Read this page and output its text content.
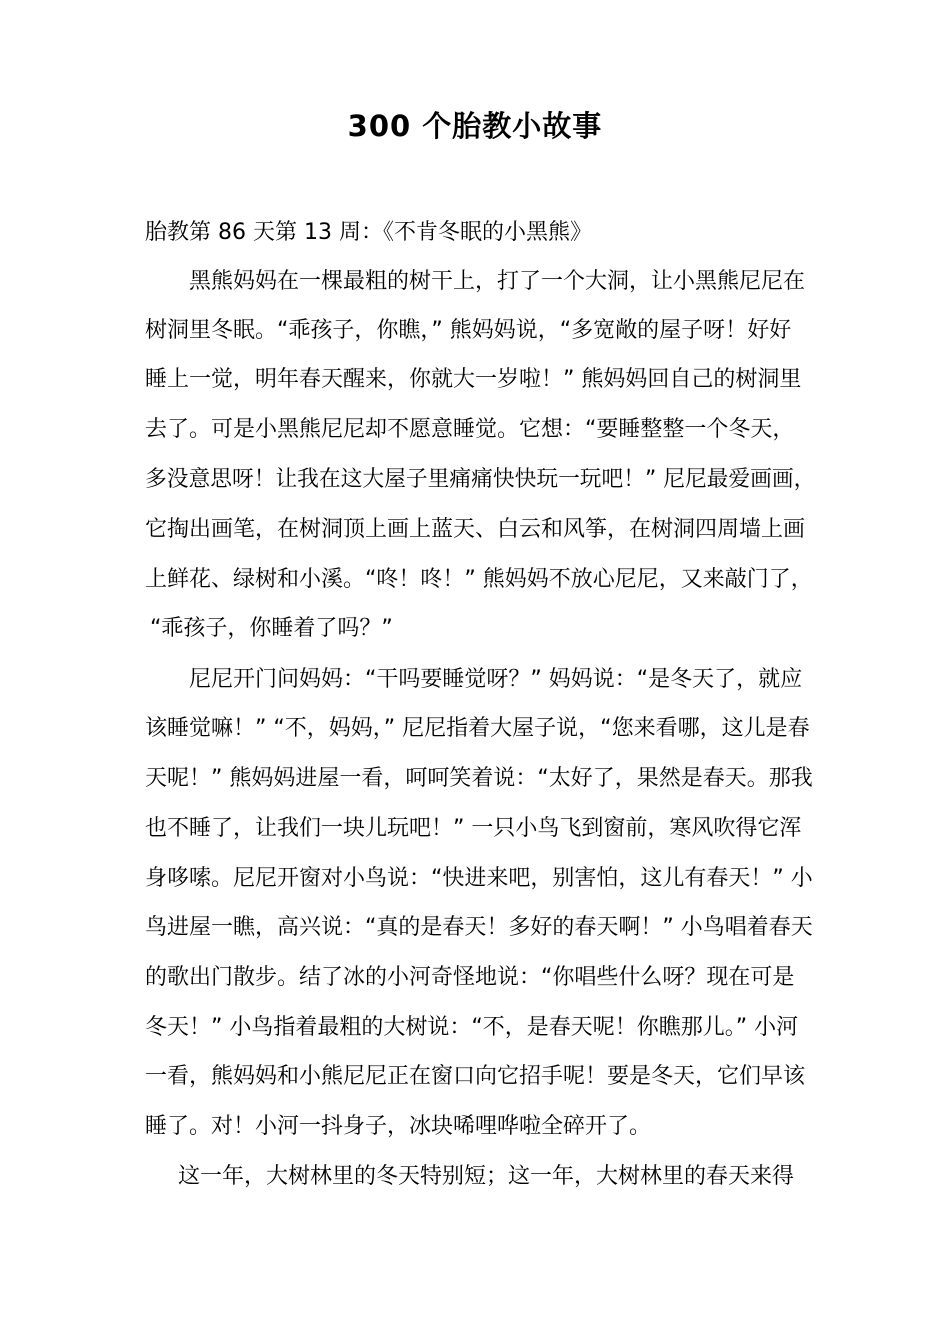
300 个胎教小故事
胎教第 86 天第 13 周：《不肯冬眠的小黑熊》
黑熊妈妈在一棵最粗的树干上，打了一个大洞，让小黑熊尼尼在
树洞里冬眠。“乖孩子，你瞧，” 熊妈妈说，“多宽敞的屋子呀！好好
睡上一觉，明年春天醒来，你就大一岁啦！” 熊妈妈回自己的树洞里
去了。可是小黑熊尼尼却不愿意睡觉。它想：“要睡整整一个冬天，
多没意思呀！让我在这大屋子里痛痛快快玩一玩吧！” 尼尼最爱画画，
它掏出画笔，在树洞顶上画上蓝天、白云和风筝，在树洞四周墙上画
上鲜花、绿树和小溪。“咚！咚！” 熊妈妈不放心尼尼，又来敲门了，
“乖孩子，你睡着了吗？”
尼尼开门问妈妈：“干吗要睡觉呀？” 妈妈说：“是冬天了，就应
该睡觉嘛！” “不，妈妈，” 尼尼指着大屋子说，“您来看哪，这儿是春
天呢！” 熊妈妈进屋一看，呵呵笑着说：“太好了，果然是春天。那我
也不睡了，让我们一块儿玩吧！” 一只小鸟飞到窗前，寒风吹得它浑
身哆嗦。尼尼开窗对小鸟说：“快进来吧，别害怕，这儿有春天！” 小
鸟进屋一瞧，高兴说：“真的是春天！多好的春天啊！” 小鸟唱着春天
的歌出门散步。结了冰的小河奇怪地说：“你唱些什么呀？现在可是
冬天！” 小鸟指着最粗的大树说：“不，是春天呢！你瞧那儿。” 小河
一看，熊妈妈和小熊尼尼正在窗口向它招手呢！要是冬天，它们早该
睡了。对！小河一抖身子，冰块唏哩哗啦全碎开了。
这一年，大树林里的冬天特别短；这一年，大树林里的春天来得
